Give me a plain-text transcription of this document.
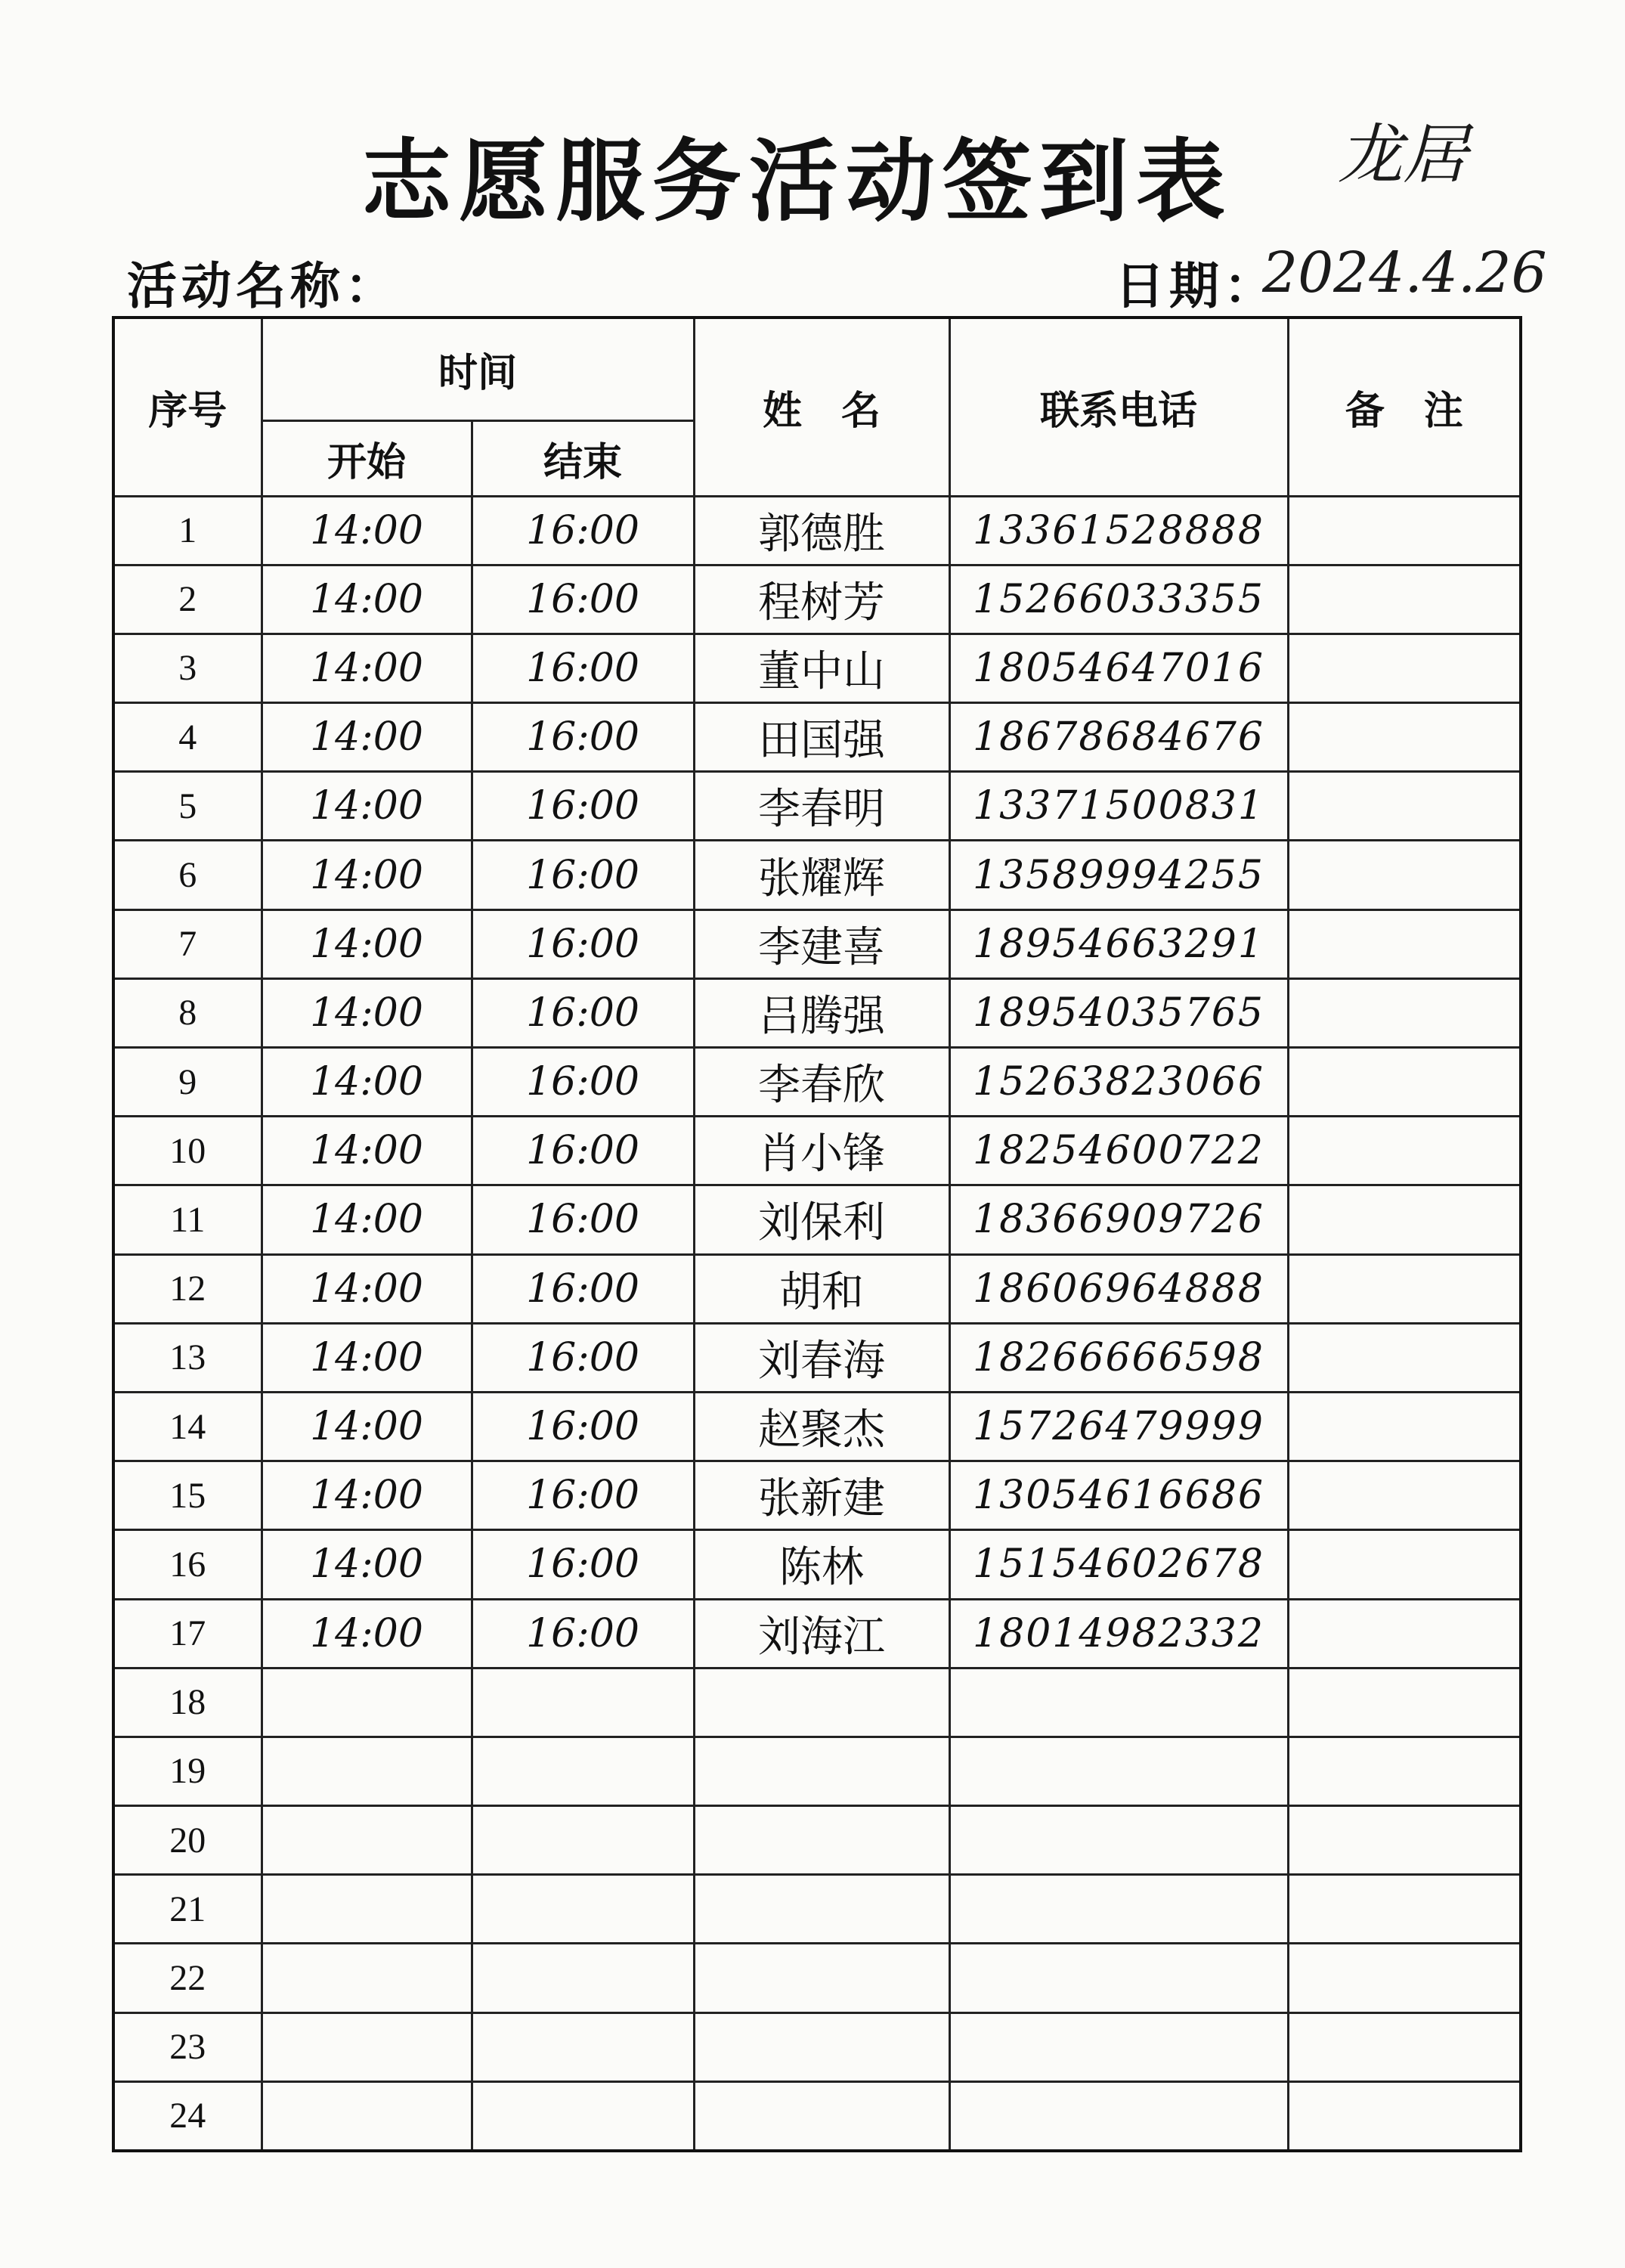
志愿服务活动签到表	龙居
活动名称：	日期：
2024.4.26
序号	时间		姓　名	联系电话	备　注
	开始	结束			
1	14:00	16:00	郭德胜	13361528888	
2	14:00	16:00	程树芳	15266033355	
3	14:00	16:00	董中山	18054647016	
4	14:00	16:00	田国强	18678684676	
5	14:00	16:00	李春明	13371500831	
6	14:00	16:00	张耀辉	13589994255	
7	14:00	16:00	李建喜	18954663291	
8	14:00	16:00	吕腾强	18954035765	
9	14:00	16:00	李春欣	15263823066	
10	14:00	16:00	肖小锋	18254600722	
11	14:00	16:00	刘保利	18366909726	
12	14:00	16:00	胡和	18606964888	
13	14:00	16:00	刘春海	18266666598	
14	14:00	16:00	赵聚杰	15726479999	
15	14:00	16:00	张新建	13054616686	
16	14:00	16:00	陈林	15154602678	
17	14:00	16:00	刘海江	18014982332	
18					
19					
20					
21					
22					
23					
24					
